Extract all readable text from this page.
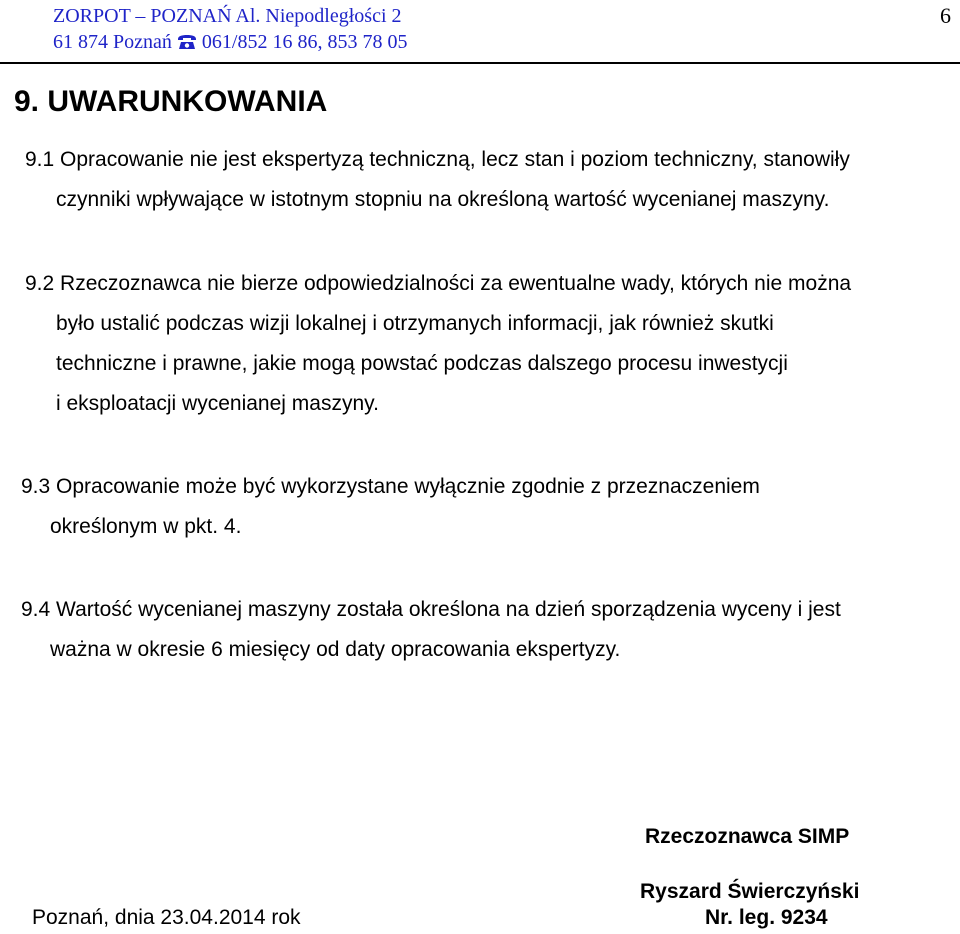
ZORPOT – POZNAŃ Al. Niepodległości 2
61 874 Poznań 061/852 16 86, 853 78 05
6
9. UWARUNKOWANIA
9.1 Opracowanie nie jest ekspertyzą techniczną, lecz stan i poziom techniczny, stanowiły
czynniki wpływające w istotnym stopniu na określoną wartość wycenianej maszyny.
9.2 Rzeczoznawca nie bierze odpowiedzialności za ewentualne wady, których nie można
było ustalić podczas wizji lokalnej i otrzymanych informacji, jak również skutki
techniczne i prawne, jakie mogą powstać podczas dalszego procesu inwestycji
i eksploatacji wycenianej maszyny.
9.3 Opracowanie może być wykorzystane wyłącznie zgodnie z przeznaczeniem
określonym w pkt. 4.
9.4 Wartość wycenianej maszyny została określona na dzień sporządzenia wyceny i jest
ważna w okresie 6 miesięcy od daty opracowania ekspertyzy.
Rzeczoznawca SIMP
Ryszard Świerczyński
Nr. leg. 9234
Poznań, dnia 23.04.2014 rok
